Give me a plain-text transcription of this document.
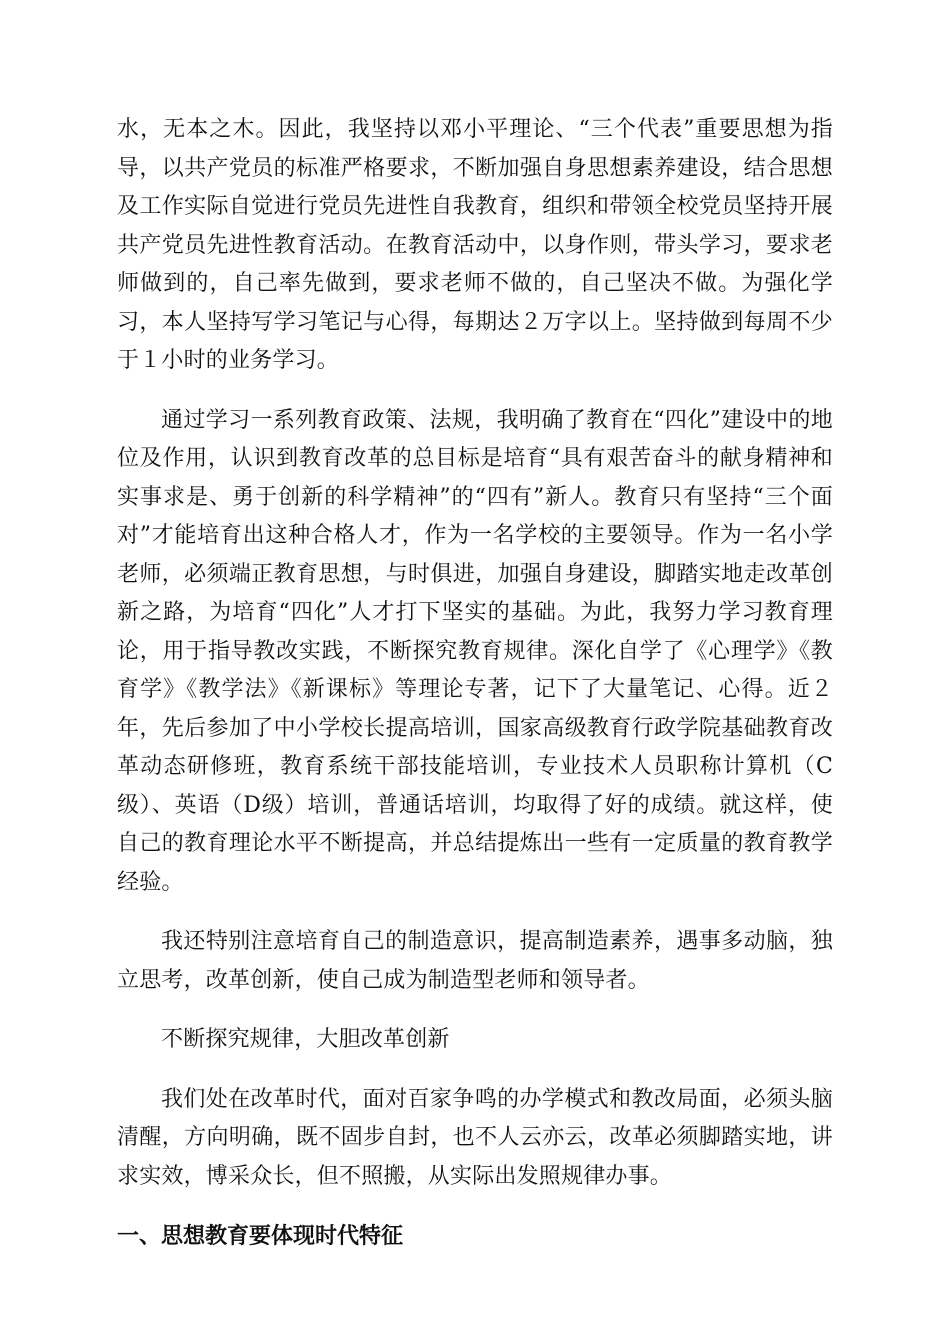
水，无本之木。因此，我坚持以邓小平理论、“三个代表”重要思想为指导，以共产党员的标准严格要求，不断加强自身思想素养建设，结合思想及工作实际自觉进行党员先进性自我教育，组织和带领全校党员坚持开展共产党员先进性教育活动。在教育活动中，以身作则，带头学习，要求老师做到的，自己率先做到，要求老师不做的，自己坚决不做。为强化学习，本人坚持写学习笔记与心得，每期达２万字以上。坚持做到每周不少于１小时的业务学习。

通过学习一系列教育政策、法规，我明确了教育在“四化”建设中的地位及作用，认识到教育改革的总目标是培育“具有艰苦奋斗的献身精神和实事求是、勇于创新的科学精神”的“四有”新人。教育只有坚持“三个面对”才能培育出这种合格人才，作为一名学校的主要领导。作为一名小学老师，必须端正教育思想，与时俱进，加强自身建设，脚踏实地走改革创新之路，为培育“四化”人才打下坚实的基础。为此，我努力学习教育理论，用于指导教改实践，不断探究教育规律。深化自学了《心理学》《教育学》《教学法》《新课标》等理论专著，记下了大量笔记、心得。近２年，先后参加了中小学校长提高培训，国家高级教育行政学院基础教育改革动态研修班，教育系统干部技能培训，专业技术人员职称计算机（C级）、英语（D级）培训，普通话培训，均取得了好的成绩。就这样，使自己的教育理论水平不断提高，并总结提炼出一些有一定质量的教育教学经验。

我还特别注意培育自己的制造意识，提高制造素养，遇事多动脑，独立思考，改革创新，使自己成为制造型老师和领导者。

不断探究规律，大胆改革创新

我们处在改革时代，面对百家争鸣的办学模式和教改局面，必须头脑清醒，方向明确，既不固步自封，也不人云亦云，改革必须脚踏实地，讲求实效，博采众长，但不照搬，从实际出发照规律办事。

一、思想教育要体现时代特征
